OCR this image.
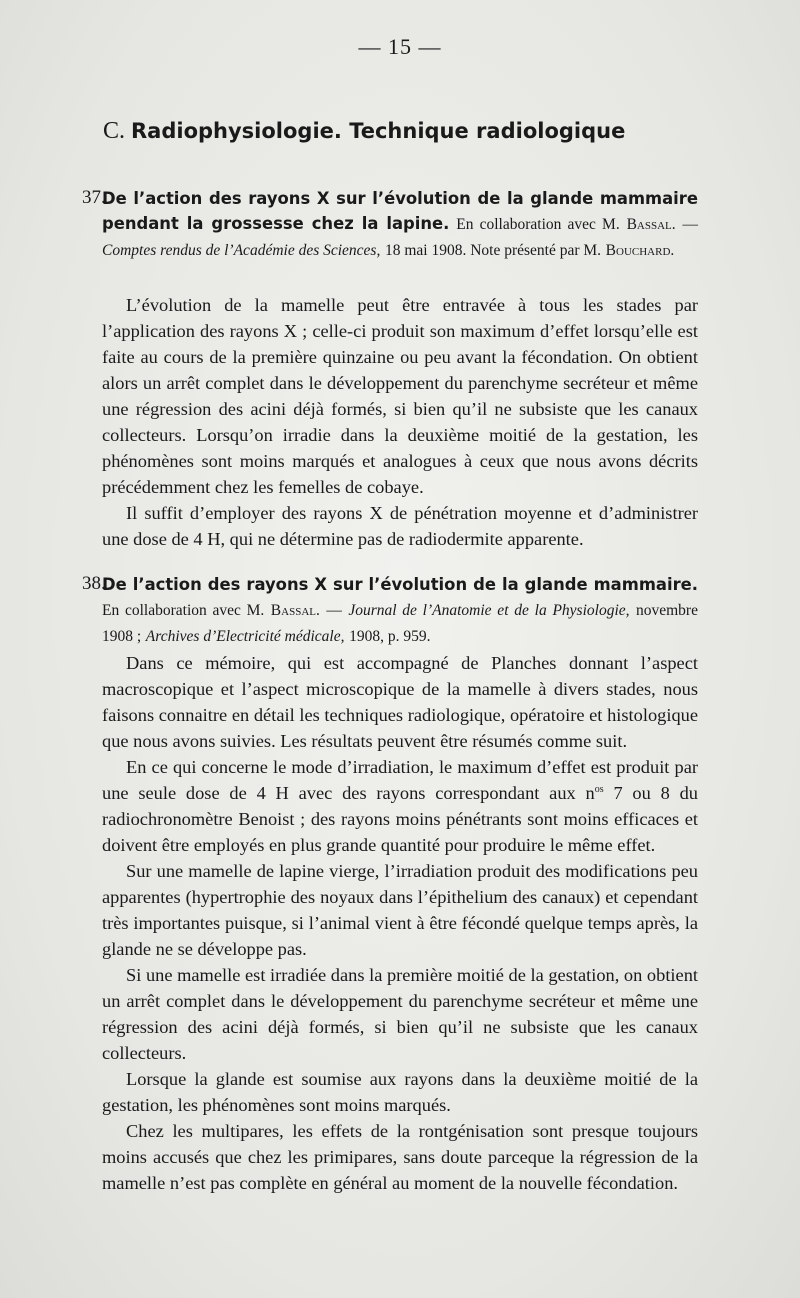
— 15 —
C. Radiophysiologie. Technique radiologique
37.
De l’action des rayons X sur l’évolution de la glande mammaire pendant la grossesse chez la lapine. En collaboration avec M. Bassal. — Comptes rendus de l’Académie des Sciences, 18 mai 1908. Note présenté par M. Bouchard.

L’évolution de la mamelle peut être entravée à tous les stades par l’application des rayons X ; celle-ci produit son maximum d’effet lorsqu’elle est faite au cours de la première quinzaine ou peu avant la fécondation. On obtient alors un arrêt complet dans le développement du parenchyme secréteur et même une régression des acini déjà formés, si bien qu’il ne subsiste que les canaux collecteurs. Lorsqu’on irradie dans la deuxième moitié de la gestation, les phénomènes sont moins marqués et analogues à ceux que nous avons décrits précédemment chez les femelles de cobaye.

Il suffit d’employer des rayons X de pénétration moyenne et d’administrer une dose de 4 H, qui ne détermine pas de radiodermite apparente.

38.
De l’action des rayons X sur l’évolution de la glande mammaire. En collaboration avec M. Bassal. — Journal de l’Anatomie et de la Physiologie, novembre 1908 ; Archives d’Electricité médicale, 1908, p. 959.

Dans ce mémoire, qui est accompagné de Planches donnant l’aspect macroscopique et l’aspect microscopique de la mamelle à divers stades, nous faisons connaitre en détail les techniques radiologique, opératoire et histologique que nous avons suivies. Les résultats peuvent être résumés comme suit.

En ce qui concerne le mode d’irradiation, le maximum d’effet est produit par une seule dose de 4 H avec des rayons correspondant aux $n^{os}$ 7 ou 8 du radiochronomètre Benoist ; des rayons moins pénétrants sont moins efficaces et doivent être employés en plus grande quantité pour produire le même effet.

Sur une mamelle de lapine vierge, l’irradiation produit des modifications peu apparentes (hypertrophie des noyaux dans l’épithelium des canaux) et cependant très importantes puisque, si l’animal vient à être fécondé quelque temps après, la glande ne se développe pas.

Si une mamelle est irradiée dans la première moitié de la gestation, on obtient un arrêt complet dans le développement du parenchyme secréteur et même une régression des acini déjà formés, si bien qu’il ne subsiste que les canaux collecteurs.

Lorsque la glande est soumise aux rayons dans la deuxième moitié de la gestation, les phénomènes sont moins marqués.

Chez les multipares, les effets de la rontgénisation sont presque toujours moins accusés que chez les primipares, sans doute parceque la régression de la mamelle n’est pas complète en général au moment de la nouvelle fécondation.
